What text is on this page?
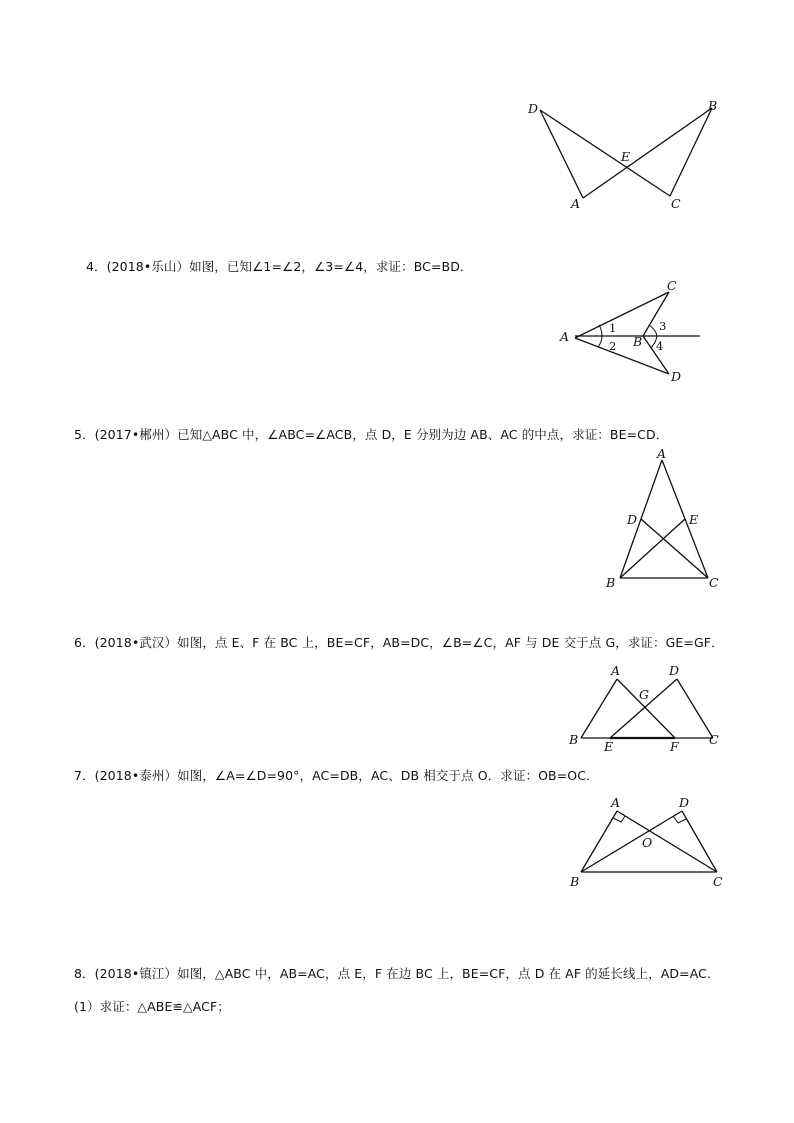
D	B
E
A	C
4．(2018•乐山）如图，已知∠1=∠2，∠3=∠4，求证：BC=BD．
C
A	B
D
1
2
3
4
5．(2017•郴州）已知△ABC 中，∠ABC=∠ACB，点 D，E 分别为边 AB、AC 的中点，求证：BE=CD．
A
D	E
B	C
6．(2018•武汉）如图，点 E、F 在 BC 上，BE=CF，AB=DC，∠B=∠C，AF 与 DE 交于点 G，求证：GE=GF．
A	D
G
B E	F C
7．(2018•泰州）如图，∠A=∠D=90°，AC=DB，AC、DB 相交于点 O．求证：OB=OC．
A	D
O
B	C
8．(2018•镇江）如图，△ABC 中，AB=AC，点 E，F 在边 BC 上，BE=CF，点 D 在 AF 的延长线上，AD=AC．
(1）求证：△ABE≌△ACF；
